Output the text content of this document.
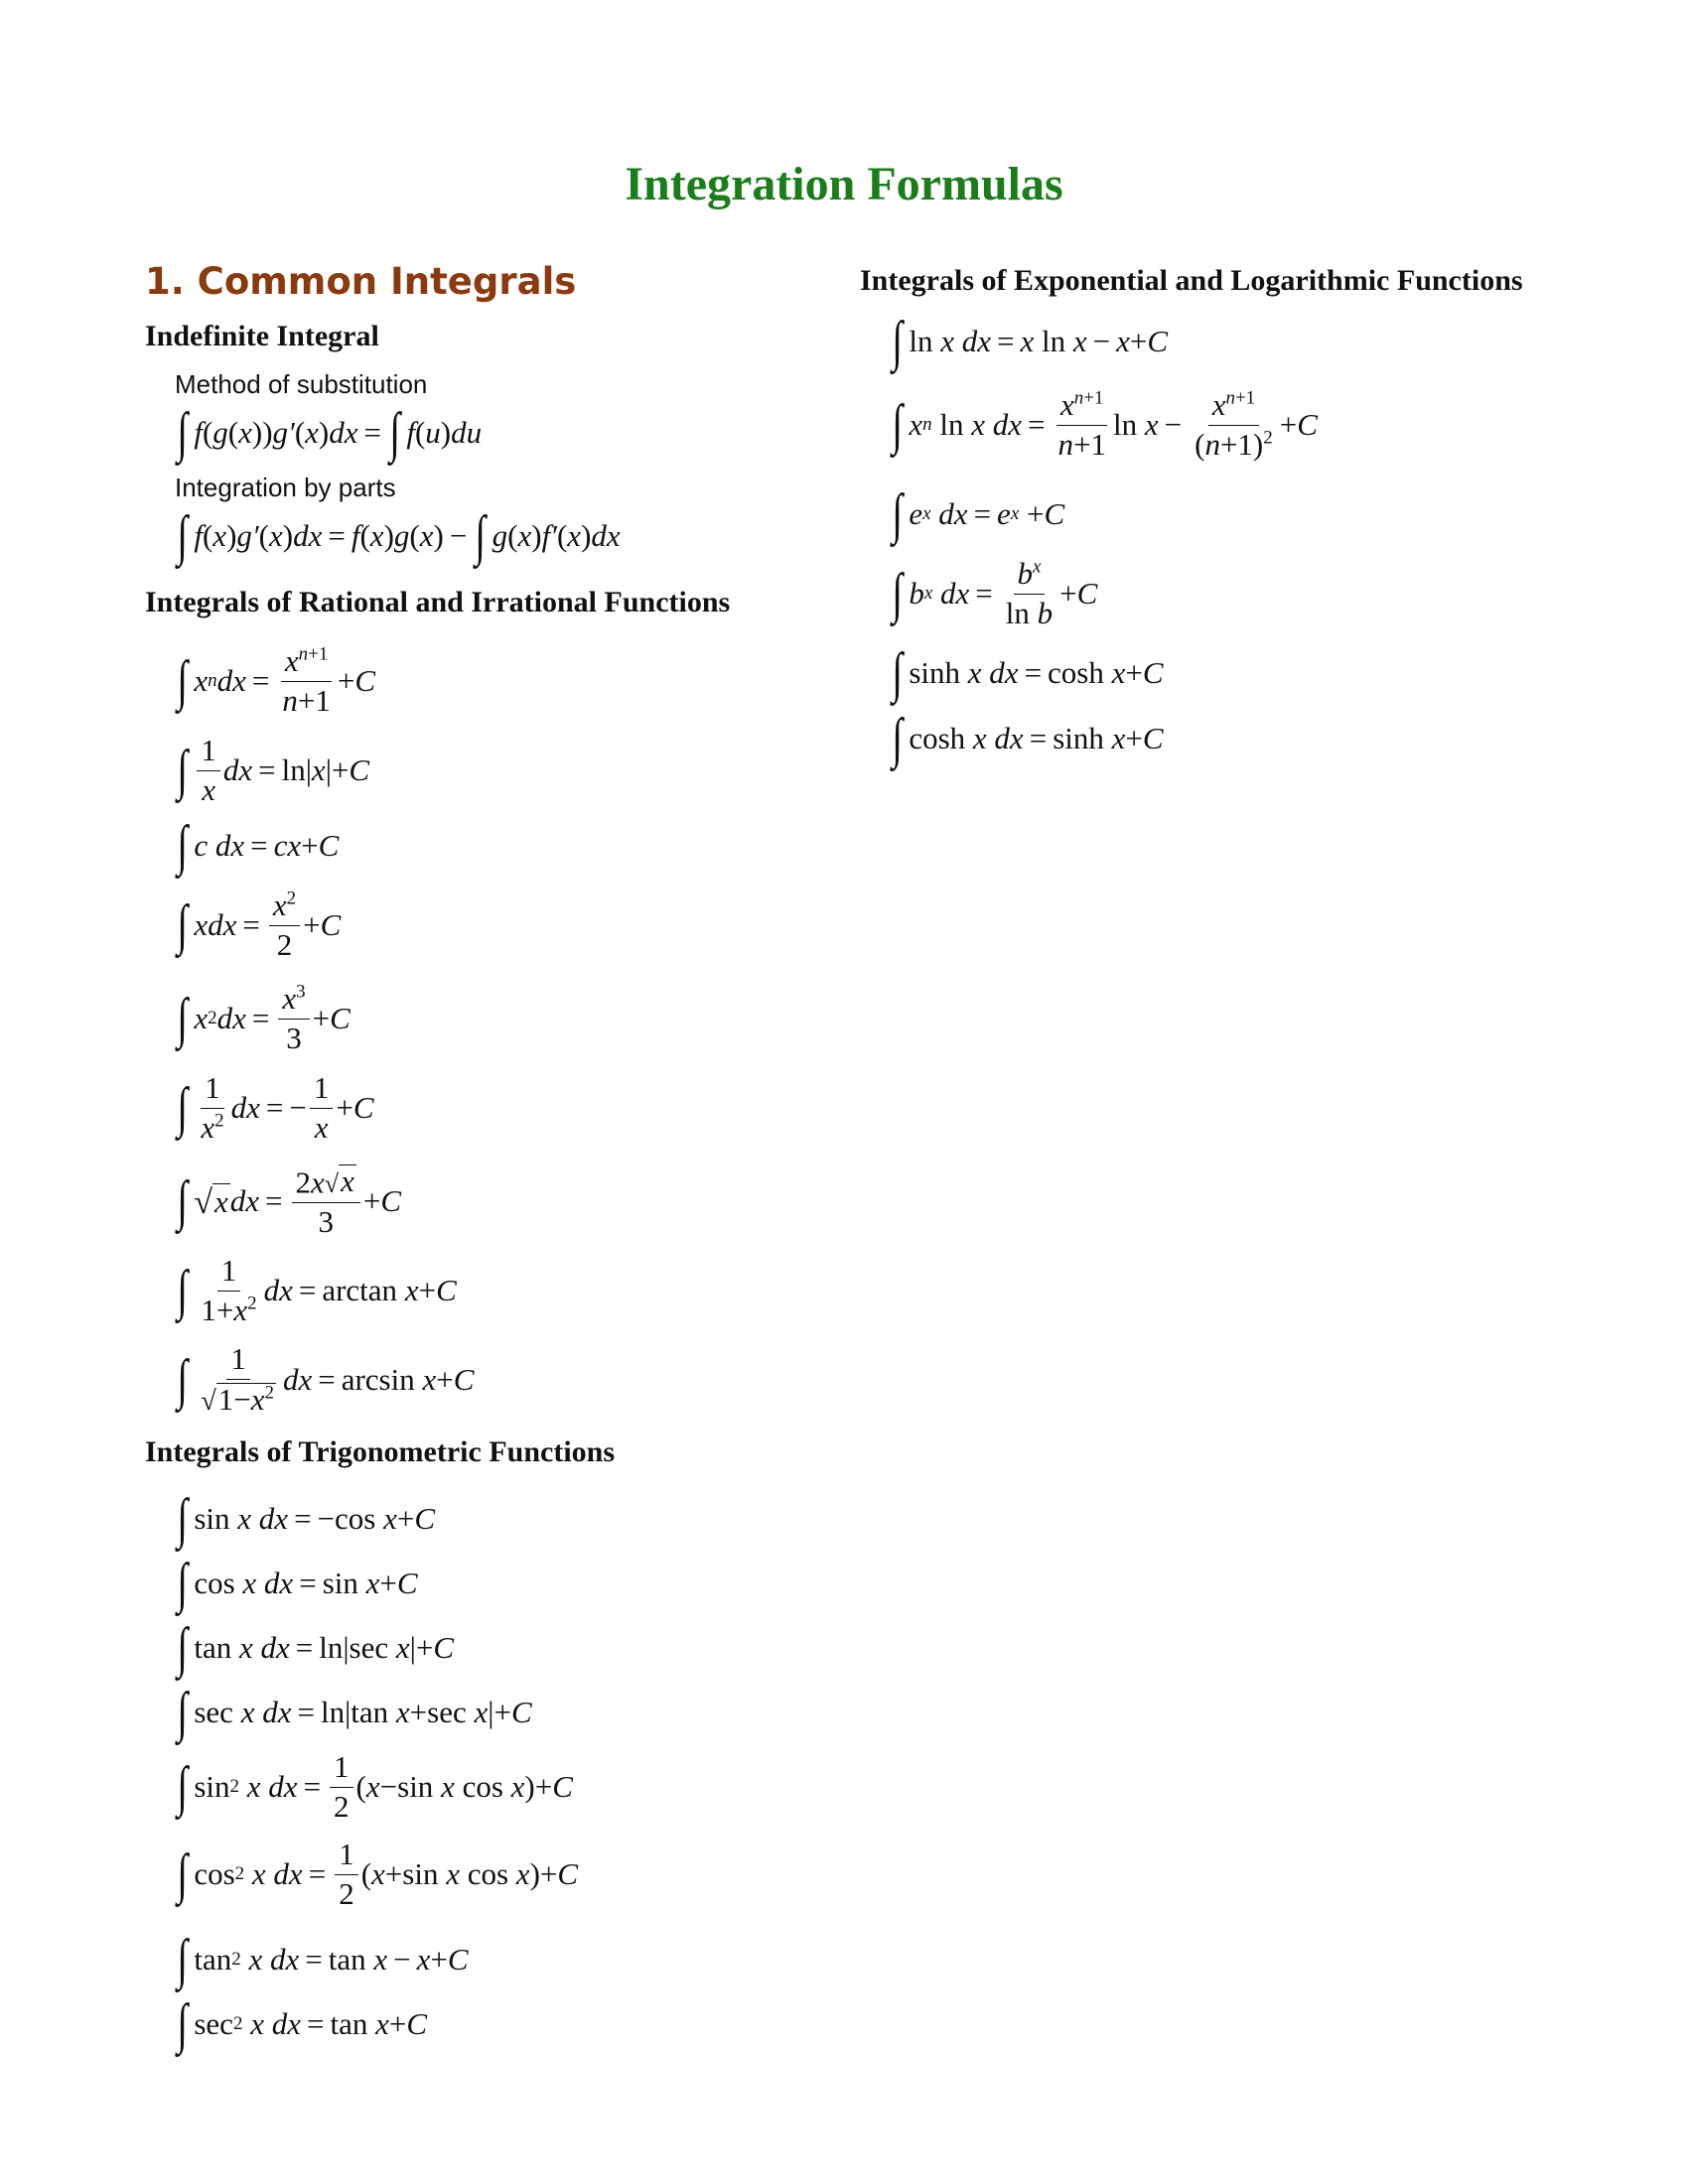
Integration Formulas
1. Common Integrals
Indefinite Integral
Method of substitution
∫ f ( g ( x )) g′ ( x ) dx = ∫ f ( u ) du
Integration by parts
∫ f ( x ) g′ ( x ) dx = f ( x ) g ( x ) − ∫ g ( x ) f′ ( x ) dx
Integrals of Rational and Irrational Functions
∫ x n dx = $\frac{x^{n+1}}{n+1} + C$
∫ $\frac{1}{x}$ dx = ln| x | + C
∫ c dx = cx + C
∫ xdx = $\frac{x^2}{2} + C$
∫ x 2 dx = $\frac{x^3}{3} + C$
∫ $\frac{1}{x^2}$ dx = − $\frac{1}{x} + C$
∫ √ x dx = $\frac{2x √ x}{3} + C$
∫ $\frac{1}{1+x^2}$ dx = arctan x + C
∫ $\frac{1}{√ 1-x^2}$ dx = arcsin x + C
Integrals of Trigonometric Functions
∫ sin x dx = −cos x + C
∫ cos x dx = sin x + C
∫ tan x dx = ln|sec x | + C
∫ sec x dx = ln|tan x +sec x | + C
∫ sin 2 x dx = $\frac{1}{2}$ ( x −sin x cos x ) + C
∫ cos 2 x dx = $\frac{1}{2}$ ( x +sin x cos x ) + C
∫ tan 2 x dx = tan x − x + C
∫ sec 2 x dx = tan x + C
Integrals of Exponential and Logarithmic Functions
∫ ln x dx = x ln x − x + C
∫ x n ln x dx = $\frac{x^{n+1}}{n+1}$ $\ln x - \frac{x^{n+1}}{(n+1)^2} + C$
∫ e x dx = e x + C
∫ b x dx = $\frac{b^x}{\text{ln b}} + C$
∫ sinh x dx = cosh x + C
∫ cosh x dx = sinh x + C
